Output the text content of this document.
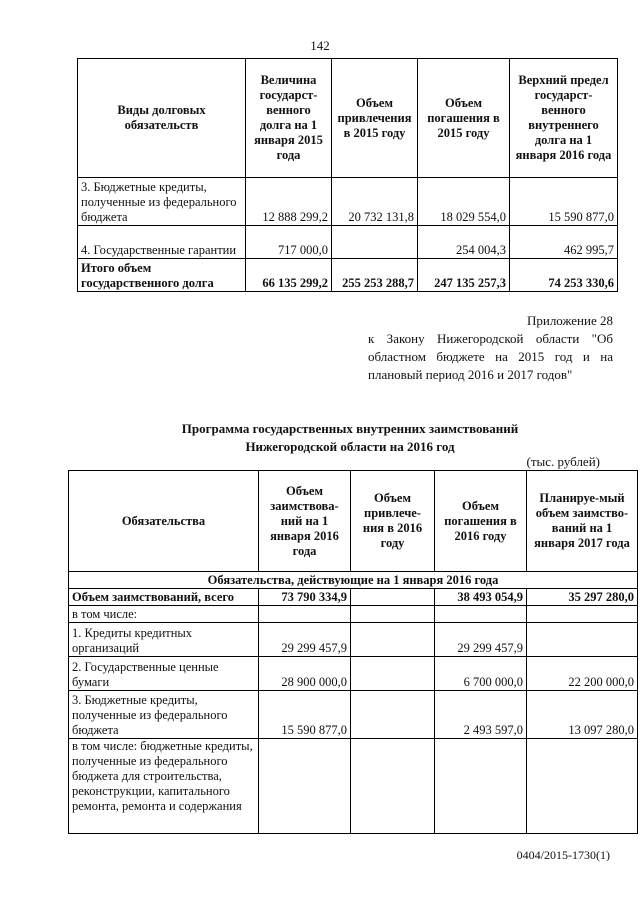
142
Виды долговых обязательств	Величина государст-венного долга на 1 января 2015 года	Объем привлечения в 2015 году	Объем погашения в 2015 году	Верхний предел государст-венного внутреннего долга на 1 января 2016 года
3. Бюджетные кредиты, полученные из федерального бюджета	12 888 299,2	20 732 131,8	18 029 554,0	15 590 877,0
4. Государственные гарантии	717 000,0		254 004,3	462 995,7
Итого объем государственного долга	66 135 299,2	255 253 288,7	247 135 257,3	74 253 330,6
Приложение 28
к Закону Нижегородской области "Об областном бюджете на 2015 год и на плановый период 2016 и 2017 годов"
Программа государственных внутренних заимствований
Нижегородской области на 2016 год
(тыс. рублей)
Обязательства	Объем заимствова-ний на 1 января 2016 года	Объем привлече-ния в 2016 году	Объем погашения в 2016 году	Планируе-мый объем заимство-ваний на 1 января 2017 года
Обязательства, действующие на 1 января 2016 года				
Объем заимствований, всего	73 790 334,9		38 493 054,9	35 297 280,0
в том числе:				
1. Кредиты кредитных организаций	29 299 457,9		29 299 457,9	
2. Государственные ценные бумаги	28 900 000,0		6 700 000,0	22 200 000,0
3. Бюджетные кредиты, полученные из федерального бюджета	15 590 877,0		2 493 597,0	13 097 280,0
в том числе: бюджетные кредиты, полученные из федерального бюджета для строительства, реконструкции, капитального ремонта, ремонта и содержания				
0404/2015-1730(1)
